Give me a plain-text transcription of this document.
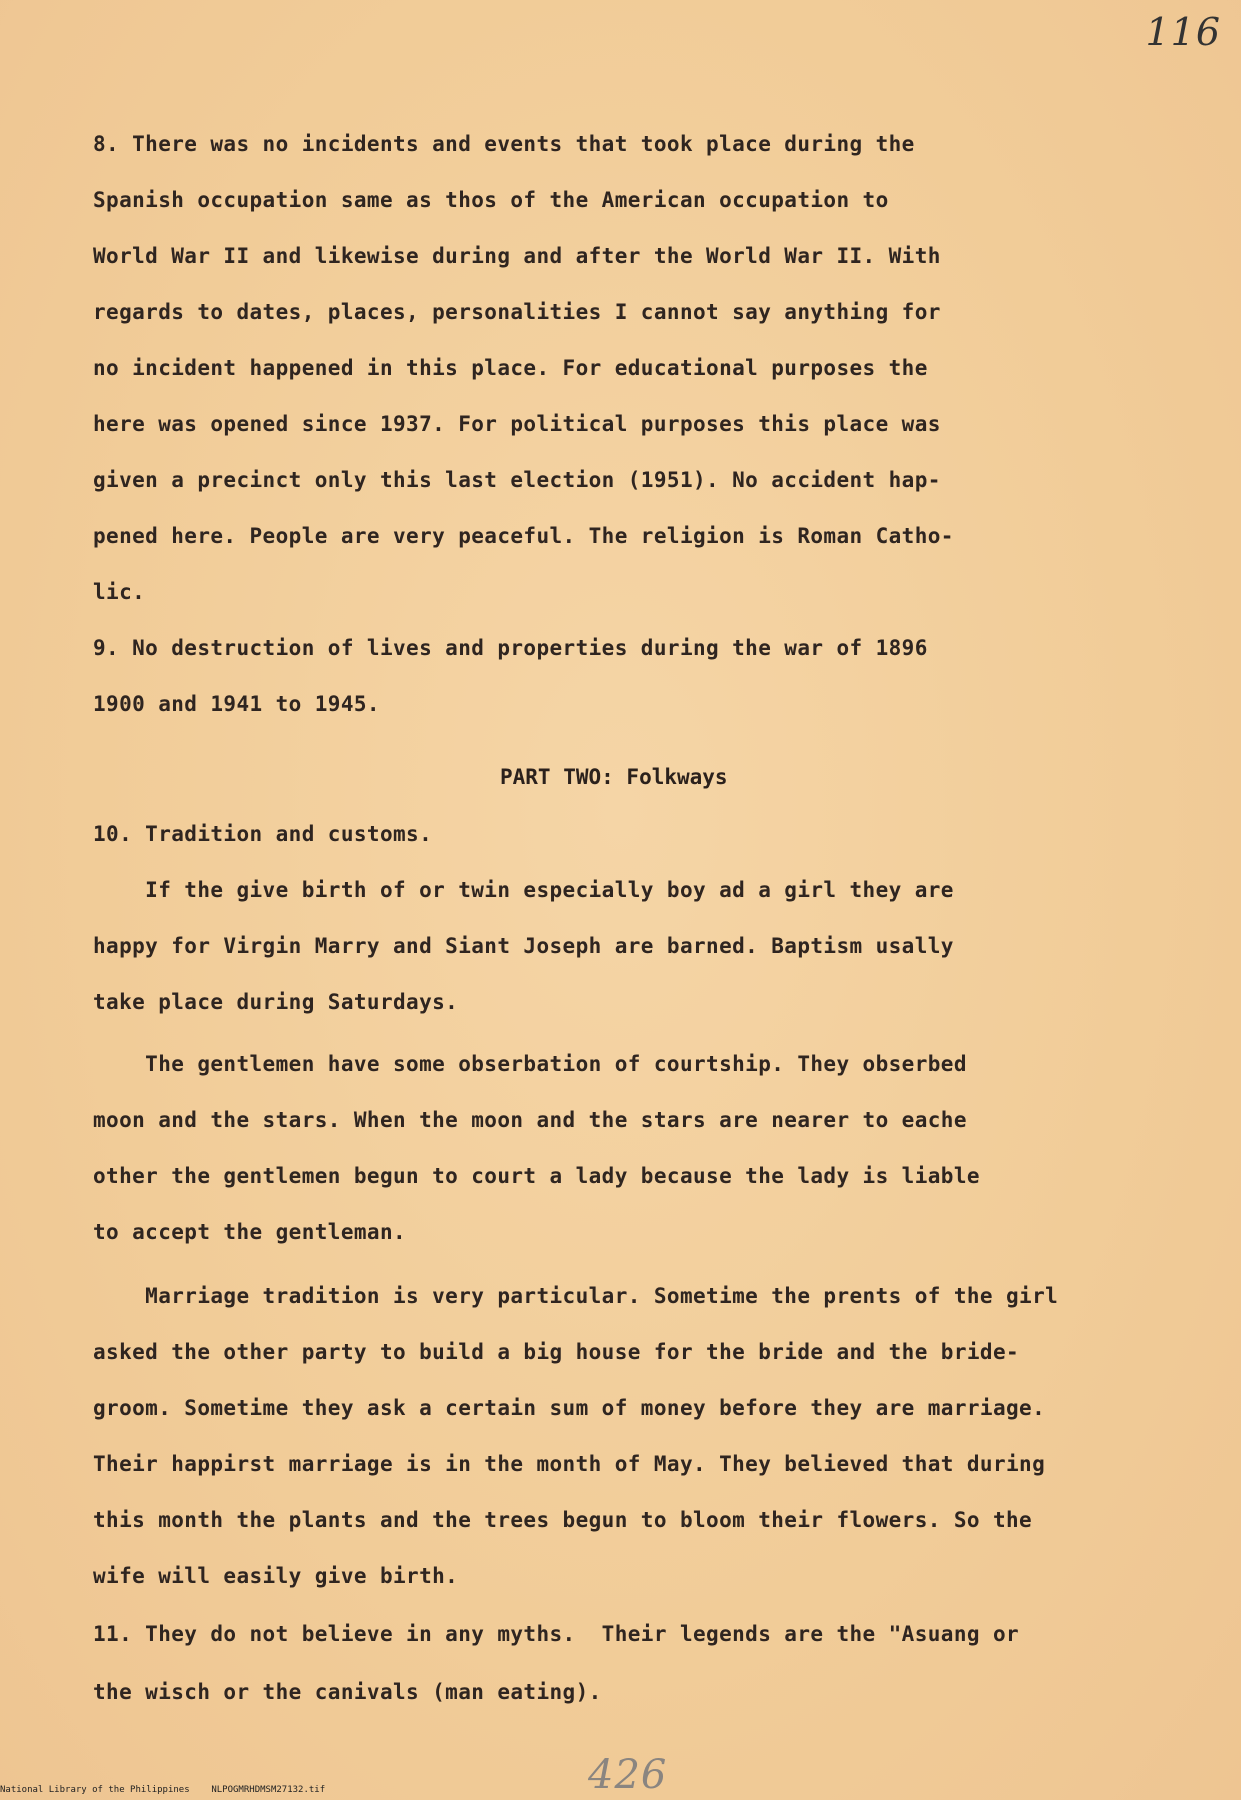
116
8. There was no incidents and events that took place during the
Spanish occupation same as thos of the American occupation to
World War II and likewise during and after the World War II. With
regards to dates, places, personalities I cannot say anything for
no incident happened in this place. For educational purposes the
here was opened since 1937. For political purposes this place was
given a precinct only this last election (1951). No accident hap-
pened here. People are very peaceful. The religion is Roman Catho-
lic.
9. No destruction of lives and properties during the war of 1896
1900 and 1941 to 1945.
PART TWO: Folkways
10. Tradition and customs.
If the give birth of or twin especially boy ad a girl they are
happy for Virgin Marry and Siant Joseph are barned. Baptism usally
take place during Saturdays.
The gentlemen have some obserbation of courtship. They obserbed
moon and the stars. When the moon and the stars are nearer to eache
other the gentlemen begun to court a lady because the lady is liable
to accept the gentleman.
Marriage tradition is very particular. Sometime the prents of the girl
asked the other party to build a big house for the bride and the bride-
groom. Sometime they ask a certain sum of money before they are marriage.
Their happirst marriage is in the month of May. They believed that during
this month the plants and the trees begun to bloom their flowers. So the
wife will easily give birth.
11. They do not believe in any myths.  Their legends are the "Asuang or
the wisch or the canivals (man eating).
426
National Library of the Philippines NLPOGMRHDMSM27132.tif
